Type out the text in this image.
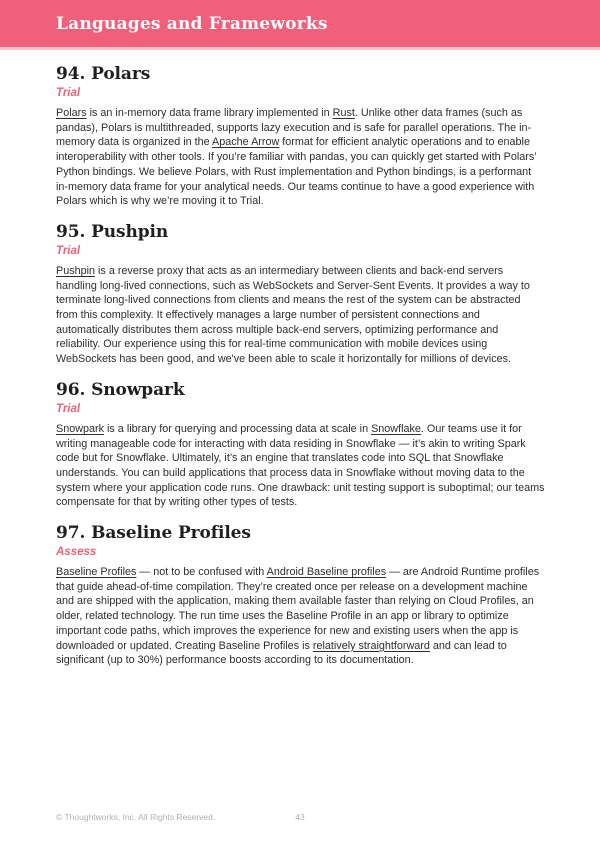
Languages and Frameworks
94. Polars
Trial

Polars is an in-memory data frame library implemented in Rust. Unlike other data frames (such as pandas), Polars is multithreaded, supports lazy execution and is safe for parallel operations. The in-memory data is organized in the Apache Arrow format for efficient analytic operations and to enable interoperability with other tools. If you’re familiar with pandas, you can quickly get started with Polars’ Python bindings. We believe Polars, with Rust implementation and Python bindings, is a performant in-memory data frame for your analytical needs. Our teams continue to have a good experience with Polars which is why we’re moving it to Trial.

95. Pushpin
Trial

Pushpin is a reverse proxy that acts as an intermediary between clients and back-end servers handling long-lived connections, such as WebSockets and Server-Sent Events. It provides a way to terminate long-lived connections from clients and means the rest of the system can be abstracted from this complexity. It effectively manages a large number of persistent connections and automatically distributes them across multiple back-end servers, optimizing performance and reliability. Our experience using this for real-time communication with mobile devices using WebSockets has been good, and we've been able to scale it horizontally for millions of devices.

96. Snowpark
Trial

Snowpark is a library for querying and processing data at scale in Snowflake. Our teams use it for writing manageable code for interacting with data residing in Snowflake — it’s akin to writing Spark code but for Snowflake. Ultimately, it’s an engine that translates code into SQL that Snowflake understands. You can build applications that process data in Snowflake without moving data to the system where your application code runs. One drawback: unit testing support is suboptimal; our teams compensate for that by writing other types of tests.

97. Baseline Profiles
Assess

Baseline Profiles — not to be confused with Android Baseline profiles — are Android Runtime profiles that guide ahead-of-time compilation. They’re created once per release on a development machine and are shipped with the application, making them available faster than relying on Cloud Profiles, an older, related technology. The run time uses the Baseline Profile in an app or library to optimize important code paths, which improves the experience for new and existing users when the app is downloaded or updated. Creating Baseline Profiles is relatively straightforward and can lead to significant (up to 30%) performance boosts according to its documentation.

© Thoughtworks, Inc. All Rights Reserved.	43
